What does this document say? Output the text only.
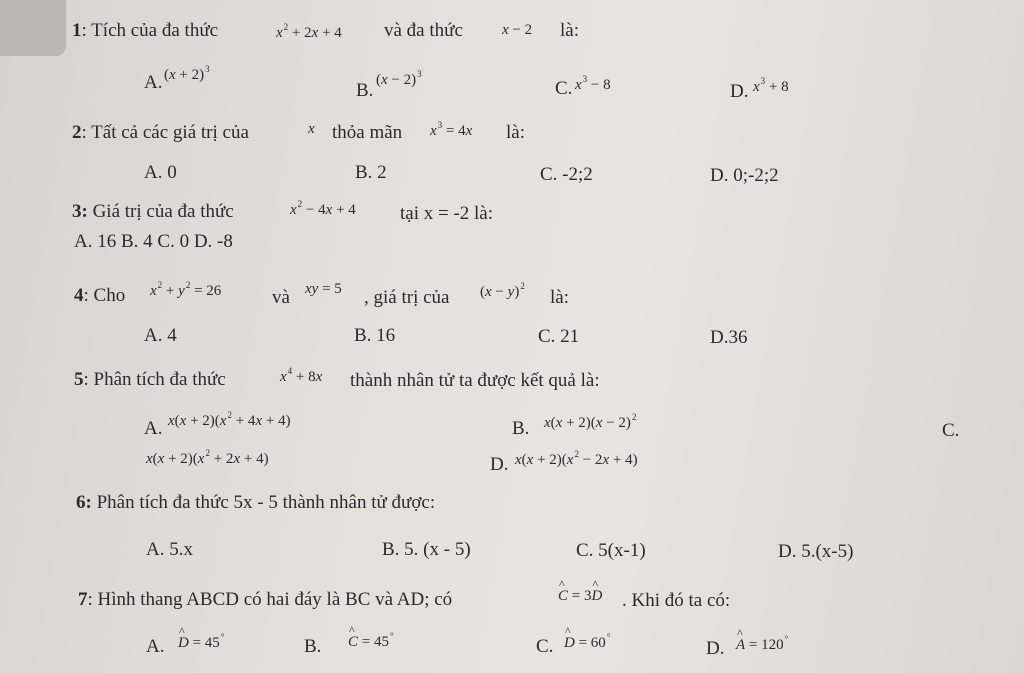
1: Tích của đa thức	$x^2 + 2x + 4$ và đa thức	x − 2 là:
A. $(x + 2)^3$
B. $(x - 2)^3$
C. $x^3 - 8$	D. $x^3 + 8$
2: Tất cả các giá trị của	x thỏa mãn $x^3 = 4x$ là:
A. 0	B. 2	C. -2;2	D. 0;-2;2
3: Giá trị của đa thức	$x^2 - 4x + 4$ tại x = -2 là:
A. 16 B. 4 C. 0 D. -8
4: Cho $x^2 + y^2 = 26$	và xy = 5 , giá trị của $(x - y)^2$
là:
A. 4	B. 16	C. 21	D.36
5: Phân tích đa thức	$x^4 + 8x$ thành nhân tử ta được kết quả là:
A. $x(x + 2)(x^2 + 4x + 4)$	B. $x(x + 2)(x - 2)^2$
C.
$x(x + 2)(x^2 + 2x + 4)$	D. $x(x + 2)(x^2 - 2x + 4)$
6: Phân tích đa thức 5x - 5 thành nhân tử được:
A. 5.x	B. 5. (x - 5)	C. 5(x-1)	D. 5.(x-5)
7: Hình thang ABCD có hai đáy là BC và AD; có	^ C = 3^ D . Khi đó ta có:
A. ^ D = 45°	B. ^ C = 45°	C. ^ D = 60°
D. ^ A = 120°
